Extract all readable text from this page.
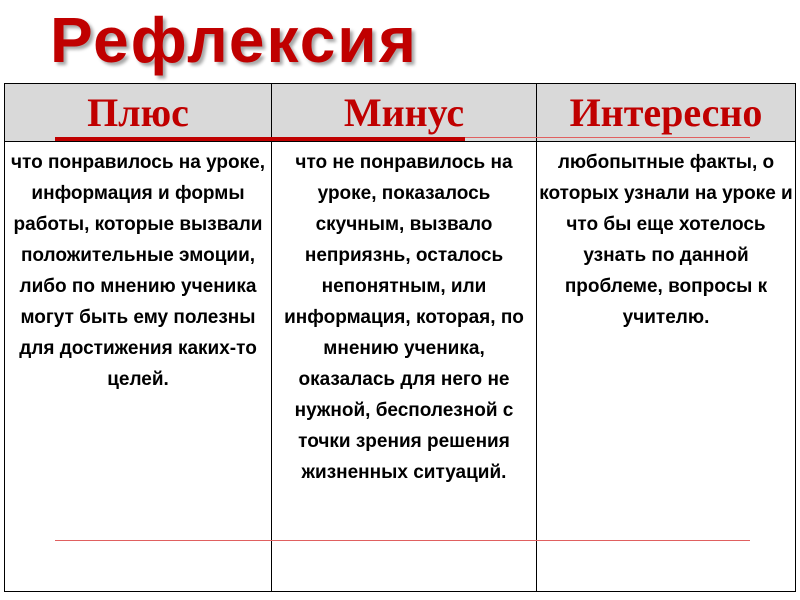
Рефлексия
Плюс	Минус	Интересно
что понравилось на уроке, информация и формы работы, которые вызвали положительные эмоции, либо по мнению ученика могут быть ему полезны для достижения каких-то целей.
что не понравилось на уроке, показалось скучным, вызвало неприязнь, осталось непонятным, или информация, которая, по мнению ученика, оказалась для него не нужной, бесполезной с точки зрения решения жизненных ситуаций.
любопытные факты, о которых узнали на уроке и что бы еще хотелось узнать по данной проблеме, вопросы к учителю.
